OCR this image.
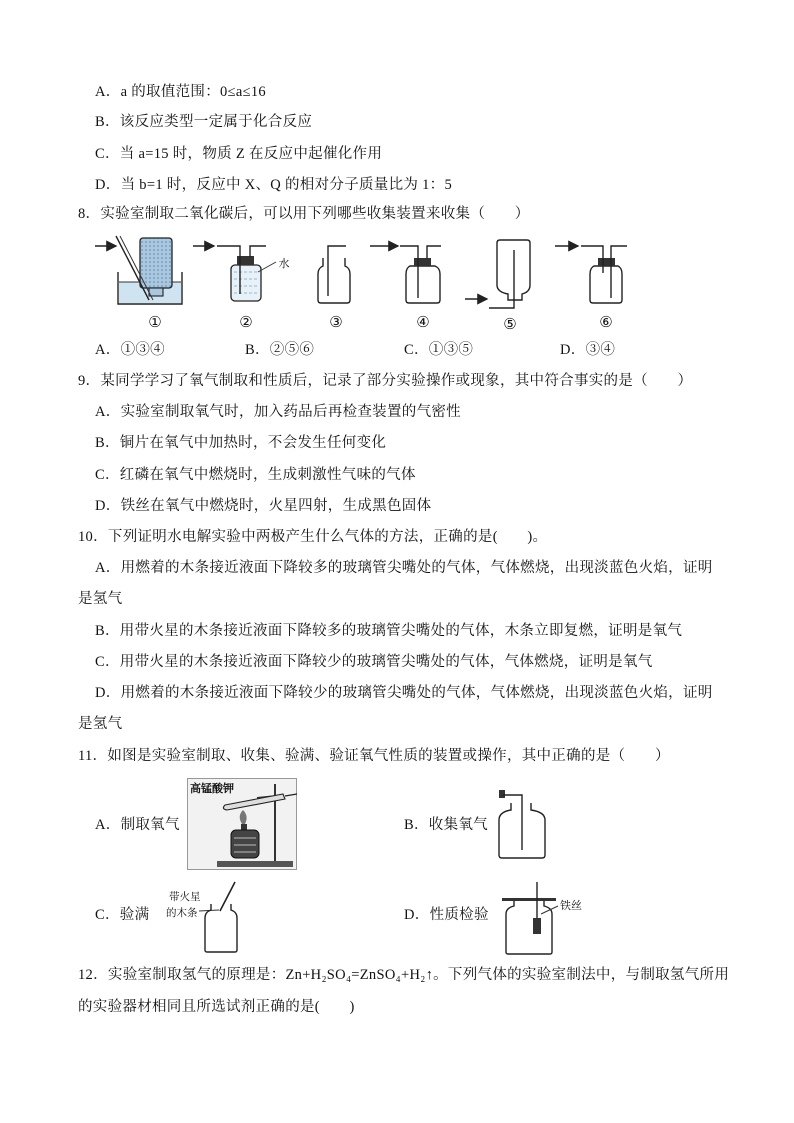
A．a 的取值范围：0≤a≤16
B．该反应类型一定属于化合反应
C．当 a=15 时，物质 Z 在反应中起催化作用
D．当 b=1 时，反应中 X、Q 的相对分子质量比为 1：5
8．实验室制取二氧化碳后，可以用下列哪些收集装置来收集（　　）
①
水
②	③	④	⑤	⑥
A．①③④	B．②⑤⑥	C．①③⑤	D．③④
9．某同学学习了氧气制取和性质后，记录了部分实验操作或现象，其中符合事实的是（　　）
A．实验室制取氧气时，加入药品后再检查装置的气密性
B．铜片在氧气中加热时，不会发生任何变化
C．红磷在氧气中燃烧时，生成刺激性气味的气体
D．铁丝在氧气中燃烧时，火星四射，生成黑色固体
10．下列证明水电解实验中两极产生什么气体的方法，正确的是(　　)。
A．用燃着的木条接近液面下降较多的玻璃管尖嘴处的气体，气体燃烧，出现淡蓝色火焰，证明
是氢气
B．用带火星的木条接近液面下降较多的玻璃管尖嘴处的气体，木条立即复燃，证明是氧气
C．用带火星的木条接近液面下降较少的玻璃管尖嘴处的气体，气体燃烧，证明是氧气
D．用燃着的木条接近液面下降较少的玻璃管尖嘴处的气体，气体燃烧，出现淡蓝色火焰，证明
是氢气
11．如图是实验室制取、收集、验满、验证氧气性质的装置或操作，其中正确的是（　　）
A．制取氧气
高锰酸钾
B．收集氧气
C．验满
带火星
的木条	D．性质检验
铁丝
12．实验室制取氢气的原理是：Zn+H₂SO₄=ZnSO₄+H₂↑。下列气体的实验室制法中，与制取氢气所用
的实验器材相同且所选试剂正确的是(　　)
